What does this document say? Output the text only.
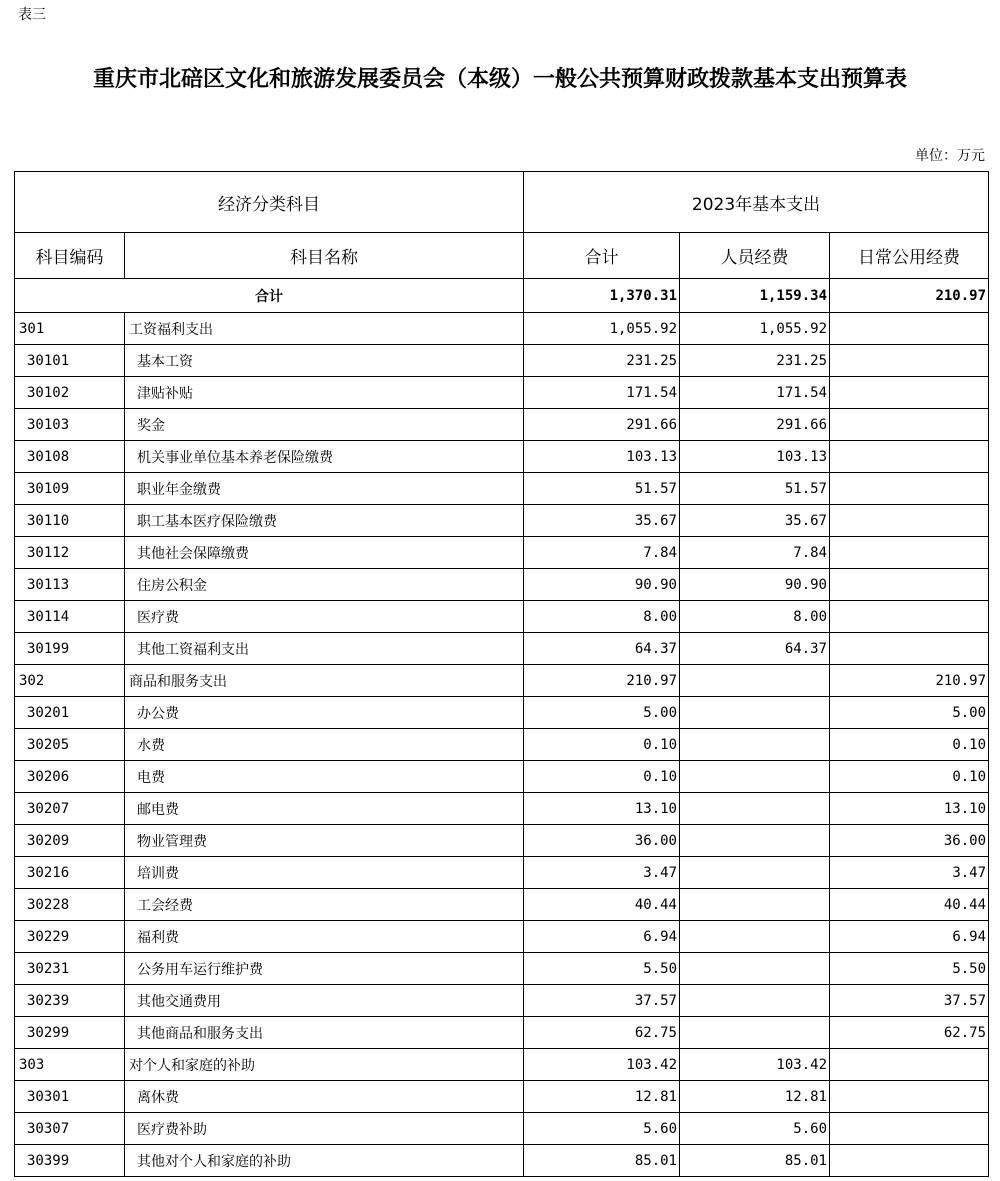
表三
重庆市北碚区文化和旅游发展委员会（本级）一般公共预算财政拨款基本支出预算表
单位：万元
经济分类科目		2023年基本支出		
科目编码	科目名称	合计	人员经费	日常公用经费
合计		1,370.31	1,159.34	210.97
301	工资福利支出	1,055.92	1,055.92	
30101	基本工资	231.25	231.25	
30102	津贴补贴	171.54	171.54	
30103	奖金	291.66	291.66	
30108	机关事业单位基本养老保险缴费	103.13	103.13	
30109	职业年金缴费	51.57	51.57	
30110	职工基本医疗保险缴费	35.67	35.67	
30112	其他社会保障缴费	7.84	7.84	
30113	住房公积金	90.90	90.90	
30114	医疗费	8.00	8.00	
30199	其他工资福利支出	64.37	64.37	
302	商品和服务支出	210.97		210.97
30201	办公费	5.00		5.00
30205	水费	0.10		0.10
30206	电费	0.10		0.10
30207	邮电费	13.10		13.10
30209	物业管理费	36.00		36.00
30216	培训费	3.47		3.47
30228	工会经费	40.44		40.44
30229	福利费	6.94		6.94
30231	公务用车运行维护费	5.50		5.50
30239	其他交通费用	37.57		37.57
30299	其他商品和服务支出	62.75		62.75
303	对个人和家庭的补助	103.42	103.42	
30301	离休费	12.81	12.81	
30307	医疗费补助	5.60	5.60	
30399	其他对个人和家庭的补助	85.01	85.01	
